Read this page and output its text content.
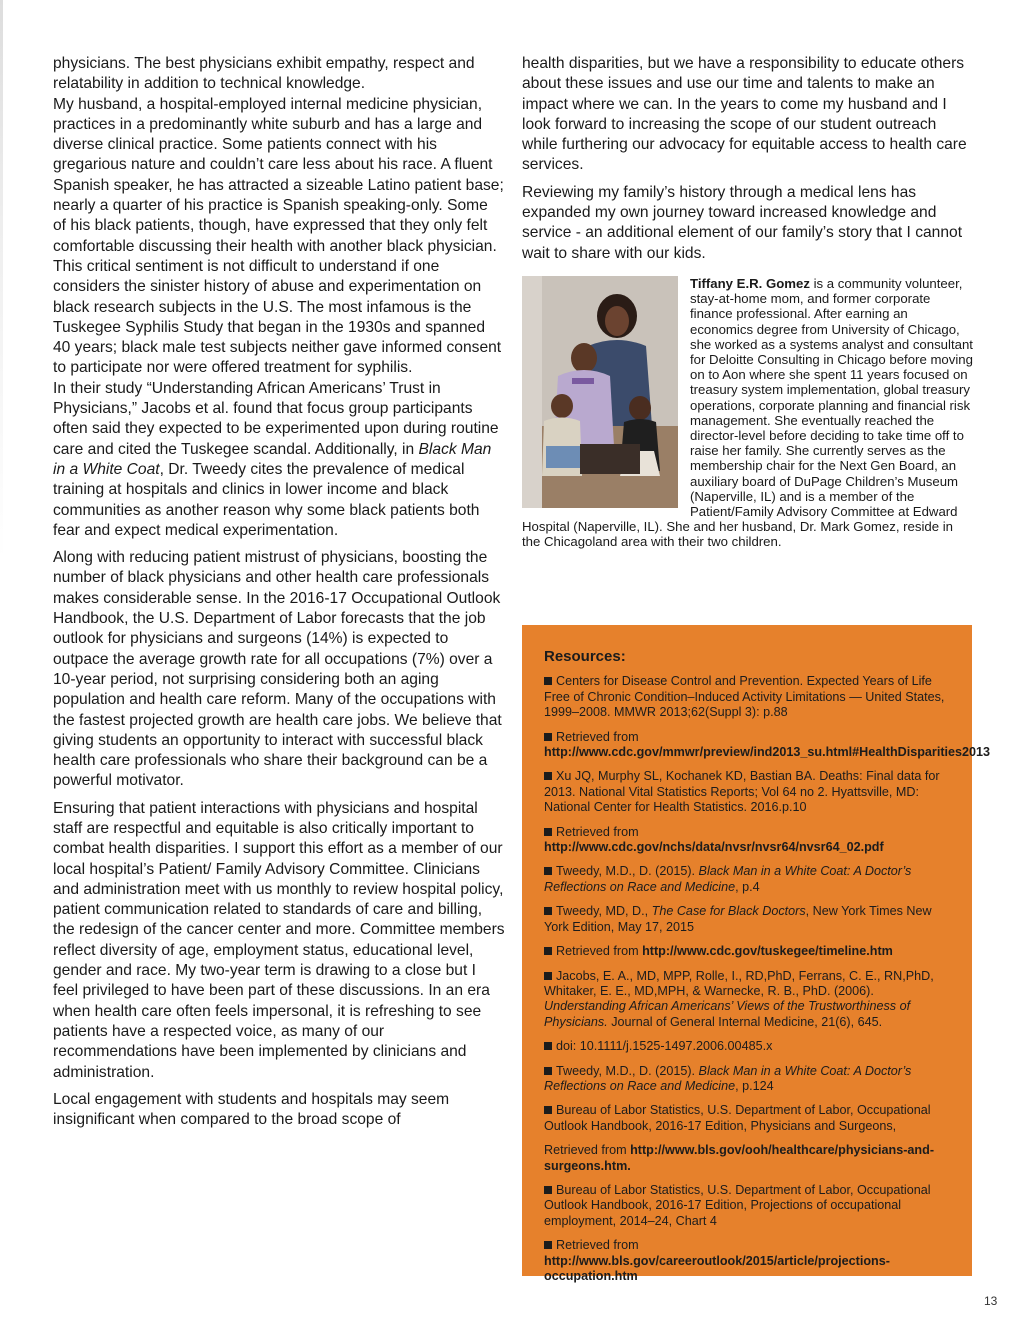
physicians. The best physicians exhibit empathy, respect and relatability in addition to technical knowledge.

My husband, a hospital-employed internal medicine physician, practices in a predominantly white suburb and has a large and diverse clinical practice. Some patients connect with his gregarious nature and couldn’t care less about his race. A fluent Spanish speaker, he has attracted a sizeable Latino patient base; nearly a quarter of his practice is Spanish speaking-only. Some of his black patients, though, have expressed that they only felt comfortable discussing their health with another black physician. This critical sentiment is not difficult to understand if one considers the sinister history of abuse and experimentation on black research subjects in the U.S. The most infamous is the Tuskegee Syphilis Study that began in the 1930s and spanned 40 years; black male test subjects neither gave informed consent to participate nor were offered treatment for syphilis.

In their study “Understanding African Americans’ Trust in Physicians,” Jacobs et al. found that focus group participants often said they expected to be experimented upon during routine care and cited the Tuskegee scandal. Additionally, in Black Man in a White Coat, Dr. Tweedy cites the prevalence of medical training at hospitals and clinics in lower income and black communities as another reason why some black patients both fear and expect medical experimentation.

Along with reducing patient mistrust of physicians, boosting the number of black physicians and other health care professionals makes considerable sense. In the 2016-17 Occupational Outlook Handbook, the U.S. Department of Labor forecasts that the job outlook for physicians and surgeons (14%) is expected to outpace the average growth rate for all occupations (7%) over a 10-year period, not surprising considering both an aging population and health care reform. Many of the occupations with the fastest projected growth are health care jobs. We believe that giving students an opportunity to interact with successful black health care professionals who share their background can be a powerful motivator.

Ensuring that patient interactions with physicians and hospital staff are respectful and equitable is also critically important to combat health disparities. I support this effort as a member of our local hospital’s Patient/ Family Advisory Committee. Clinicians and administration meet with us monthly to review hospital policy, patient communication related to standards of care and billing, the redesign of the cancer center and more. Committee members reflect diversity of age, employment status, educational level, gender and race. My two-year term is drawing to a close but I feel privileged to have been part of these discussions. In an era when health care often feels impersonal, it is refreshing to see patients have a respected voice, as many of our recommendations have been implemented by clinicians and administration.

Local engagement with students and hospitals may seem insignificant when compared to the broad scope of

health disparities, but we have a responsibility to educate others about these issues and use our time and talents to make an impact where we can. In the years to come my husband and I look forward to increasing the scope of our student outreach while furthering our advocacy for equitable access to health care services.

Reviewing my family’s history through a medical lens has expanded my own journey toward increased knowledge and service - an additional element of our family’s story that I cannot wait to share with our kids.

Tiffany E.R. Gomez is a community volunteer, stay-at-home mom, and former corporate finance professional. After earning an economics degree from University of Chicago, she worked as a systems analyst and consultant for Deloitte Consulting in Chicago before moving on to Aon where she spent 11 years focused on treasury system implementation, global treasury operations, corporate planning and financial risk management. She eventually reached the director-level before deciding to take time off to raise her family. She currently serves as the membership chair for the Next Gen Board, an auxiliary board of DuPage Children’s Museum (Naperville, IL) and is a member of the Patient/Family Advisory Committee at Edward Hospital (Naperville, IL). She and her husband, Dr. Mark Gomez, reside in the Chicagoland area with their two children.

Resources:
Centers for Disease Control and Prevention. Expected Years of Life Free of Chronic Condition–Induced Activity Limitations — United States, 1999–2008. MMWR 2013;62(Suppl 3): p.88
Retrieved from http://www.cdc.gov/mmwr/preview/ind2013_su.html#HealthDisparities2013
Xu JQ, Murphy SL, Kochanek KD, Bastian BA. Deaths: Final data for 2013. National Vital Statistics Reports; Vol 64 no 2. Hyattsville, MD: National Center for Health Statistics. 2016.p.10
Retrieved from http://www.cdc.gov/nchs/data/nvsr/nvsr64/nvsr64_02.pdf
Tweedy, M.D., D. (2015). Black Man in a White Coat: A Doctor’s Reflections on Race and Medicine, p.4
Tweedy, MD, D., The Case for Black Doctors, New York Times New York Edition, May 17, 2015
Retrieved from http://www.cdc.gov/tuskegee/timeline.htm
Jacobs, E. A., MD, MPP, Rolle, I., RD,PhD, Ferrans, C. E., RN,PhD, Whitaker, E. E., MD,MPH, & Warnecke, R. B., PhD. (2006). Understanding African Americans’ Views of the Trustworthiness of Physicians. Journal of General Internal Medicine, 21(6), 645.
doi: 10.1111/j.1525-1497.2006.00485.x
Tweedy, M.D., D. (2015). Black Man in a White Coat: A Doctor’s Reflections on Race and Medicine, p.124
Bureau of Labor Statistics, U.S. Department of Labor, Occupational Outlook Handbook, 2016-17 Edition, Physicians and Surgeons,
Retrieved from http://www.bls.gov/ooh/healthcare/physicians-and-surgeons.htm.
Bureau of Labor Statistics, U.S. Department of Labor, Occupational Outlook Handbook, 2016-17 Edition, Projections of occupational employment, 2014–24, Chart 4
Retrieved from http://www.bls.gov/careeroutlook/2015/article/projections-occupation.htm
13
